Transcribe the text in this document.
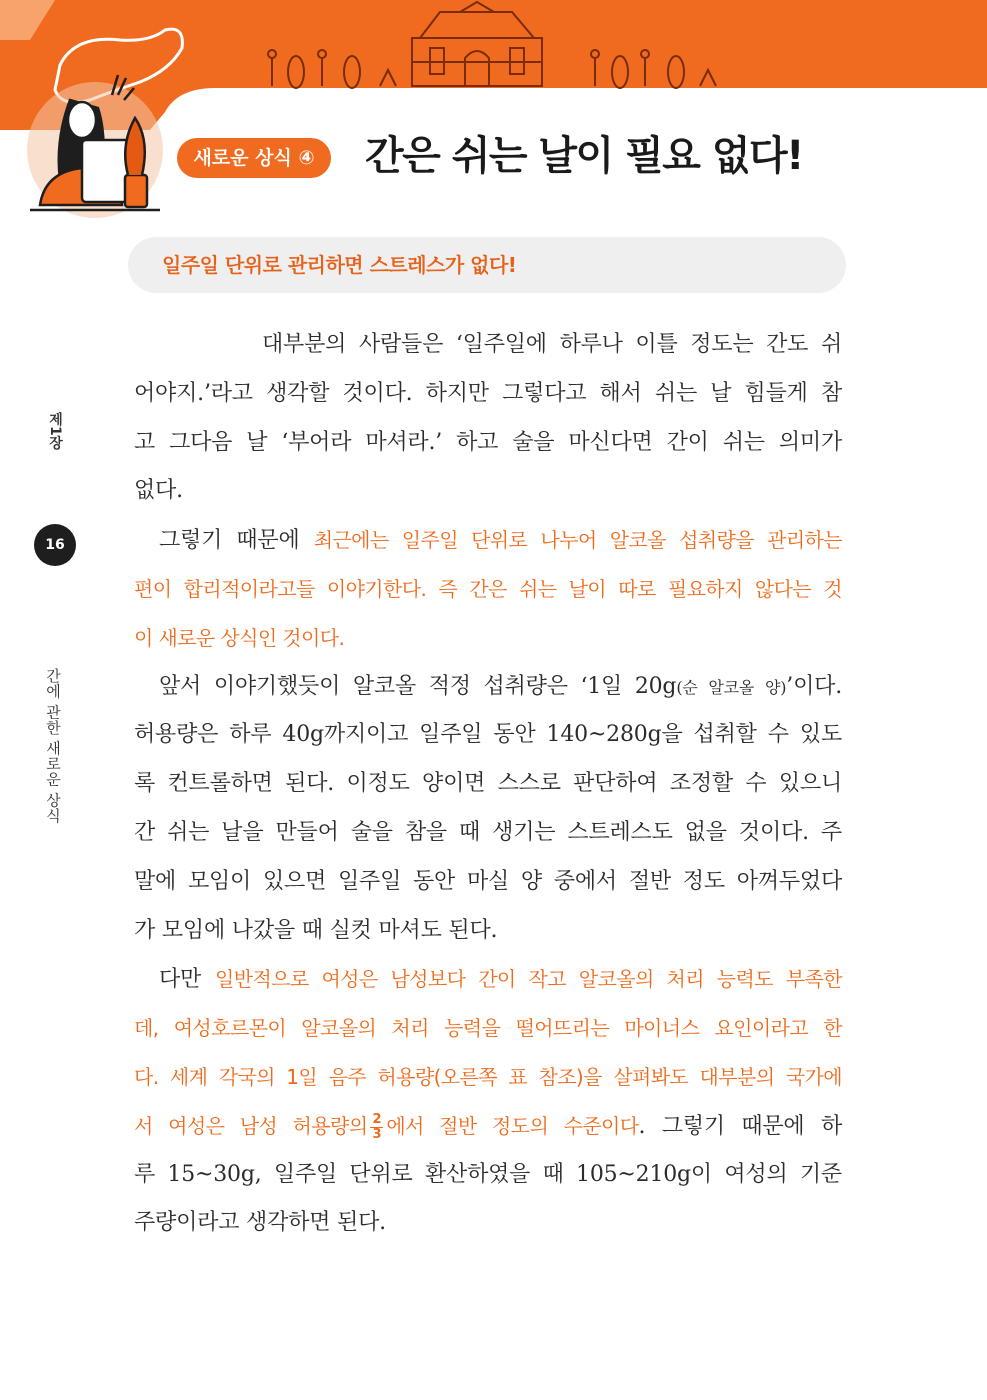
새로운 상식 ④	간은 쉬는 날이 필요 없다!
일주일 단위로 관리하면 스트레스가 없다!
제1장
16
간에 관한 새로운 상식
대부분의 사람들은 ‘일주일에 하루나 이틀 정도는 간도 쉬
어야지.’라고 생각할 것이다. 하지만 그렇다고 해서 쉬는 날 힘들게 참
고 그다음 날 ‘부어라 마셔라.’ 하고 술을 마신다면 간이 쉬는 의미가
없다.
그렇기 때문에 최근에는 일주일 단위로 나누어 알코올 섭취량을 관리하는
편이 합리적이라고들 이야기한다. 즉 간은 쉬는 날이 따로 필요하지 않다는 것
이 새로운 상식인 것이다.
앞서 이야기했듯이 알코올 적정 섭취량은 ‘1일 20g(순 알코올 양)’이다.
허용량은 하루 40g까지이고 일주일 동안 140~280g을 섭취할 수 있도
록 컨트롤하면 된다. 이정도 양이면 스스로 판단하여 조정할 수 있으니
간 쉬는 날을 만들어 술을 참을 때 생기는 스트레스도 없을 것이다. 주
말에 모임이 있으면 일주일 동안 마실 양 중에서 절반 정도 아껴두었다
가 모임에 나갔을 때 실컷 마셔도 된다.
다만 일반적으로 여성은 남성보다 간이 작고 알코올의 처리 능력도 부족한
데, 여성호르몬이 알코올의 처리 능력을 떨어뜨리는 마이너스 요인이라고 한
다. 세계 각국의 1일 음주 허용량(오른쪽 표 참조)을 살펴봐도 대부분의 국가에
서 여성은 남성 허용량의 $\frac{2}{3}$ 에서 절반 정도의 수준이다. 그렇기 때문에 하
루 15~30g, 일주일 단위로 환산하였을 때 105~210g이 여성의 기준
주량이라고 생각하면 된다.
